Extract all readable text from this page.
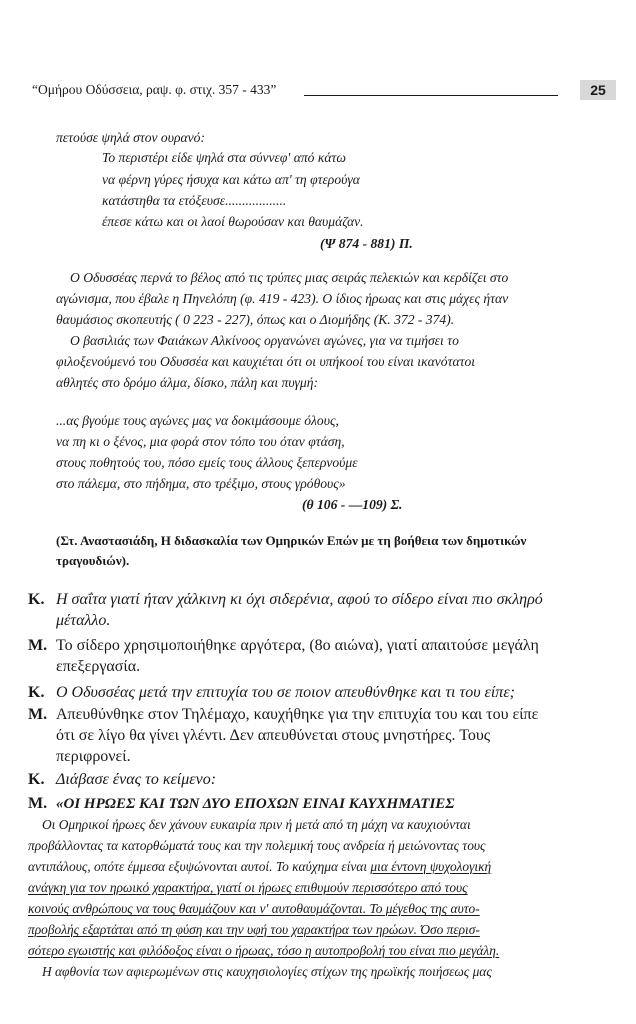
“Ομήρου Οδύσσεια, ραψ. φ. στιχ. 357 - 433”	25
πετούσε ψηλά στον ουρανό:
Το περιστέρι είδε ψηλά στα σύννεφ' από κάτω
να φέρνη γύρες ήσυχα και κάτω απ' τη φτερούγα
κατάστηθα τα ετόξευσε..................
έπεσε κάτω και οι λαοί θωρούσαν και θαυμάζαν.
(Ψ 874 - 881) Π.
Ο Οδυσσέας περνά το βέλος από τις τρύπες μιας σειράς πελεκιών και κερδίζει στο
αγώνισμα, που έβαλε η Πηνελόπη (φ. 419 - 423). Ο ίδιος ήρωας και στις μάχες ήταν
θαυμάσιος σκοπευτής ( 0 223 - 227), όπως και ο Διομήδης (Κ. 372 - 374).
Ο βασιλιάς των Φαιάκων Αλκίνοος οργανώνει αγώνες, για να τιμήσει το
φιλοξενούμενό του Οδυσσέα και καυχιέται ότι οι υπήκοοί του είναι ικανότατοι
αθλητές στο δρόμο άλμα, δίσκο, πάλη και πυγμή:
...ας βγούμε τους αγώνες μας να δοκιμάσουμε όλους,
να πη κι ο ξένος, μια φορά στον τόπο του όταν φτάση,
στους ποθητούς του, πόσο εμείς τους άλλους ξεπερνούμε
στο πάλεμα, στο πήδημα, στο τρέξιμο, στους γρόθους»
(θ 106 - —109) Σ.
(Στ. Αναστασιάδη, Η διδασκαλία των Ομηρικών Επών με τη βοήθεια των δημοτικών
τραγουδιών).
Κ. Η σαΐτα γιατί ήταν χάλκινη κι όχι σιδερένια, αφού το σίδερο είναι πιο σκληρό
μέταλλο.
Μ. Το σίδερο χρησιμοποιήθηκε αργότερα, (8ο αιώνα), γιατί απαιτούσε μεγάλη
επεξεργασία.
Κ. Ο Οδυσσέας μετά την επιτυχία του σε ποιον απευθύνθηκε και τι του είπε;
Μ. Απευθύνθηκε στον Τηλέμαχο, καυχήθηκε για την επιτυχία του και του είπε
ότι σε λίγο θα γίνει γλέντι. Δεν απευθύνεται στους μνηστήρες. Τους
περιφρονεί.
Κ. Διάβασε ένας το κείμενο:
Μ. «ΟΙ ΗΡΩΕΣ ΚΑΙ ΤΩΝ ΔΥΟ ΕΠΟΧΩΝ ΕΙΝΑΙ ΚΑΥΧΗΜΑΤΙΕΣ
Οι Ομηρικοί ήρωες δεν χάνουν ευκαιρία πριν ή μετά από τη μάχη να καυχιούνται
προβάλλοντας τα κατορθώματά τους και την πολεμική τους ανδρεία ή μειώνοντας τους
αντιπάλους, οπότε έμμεσα εξυψώνονται αυτοί. Το καύχημα είναι μια έντονη ψυχολογική
ανάγκη για τον ηρωικό χαρακτήρα, γιατί οι ήρωες επιθυμούν περισσότερο από τους
κοινούς ανθρώπους να τους θαυμάζουν και ν' αυτοθαυμάζονται. Το μέγεθος της αυτο-
προβολής εξαρτάται από τη φύση και την υφή του χαρακτήρα των ηρώων. Όσο περισ-
σότερο εγωιστής και φιλόδοξος είναι ο ήρωας, τόσο η αυτοπροβολή του είναι πιο μεγάλη.
Η αφθονία των αφιερωμένων στις καυχησιολογίες στίχων της ηρωϊκής ποιήσεως μας
